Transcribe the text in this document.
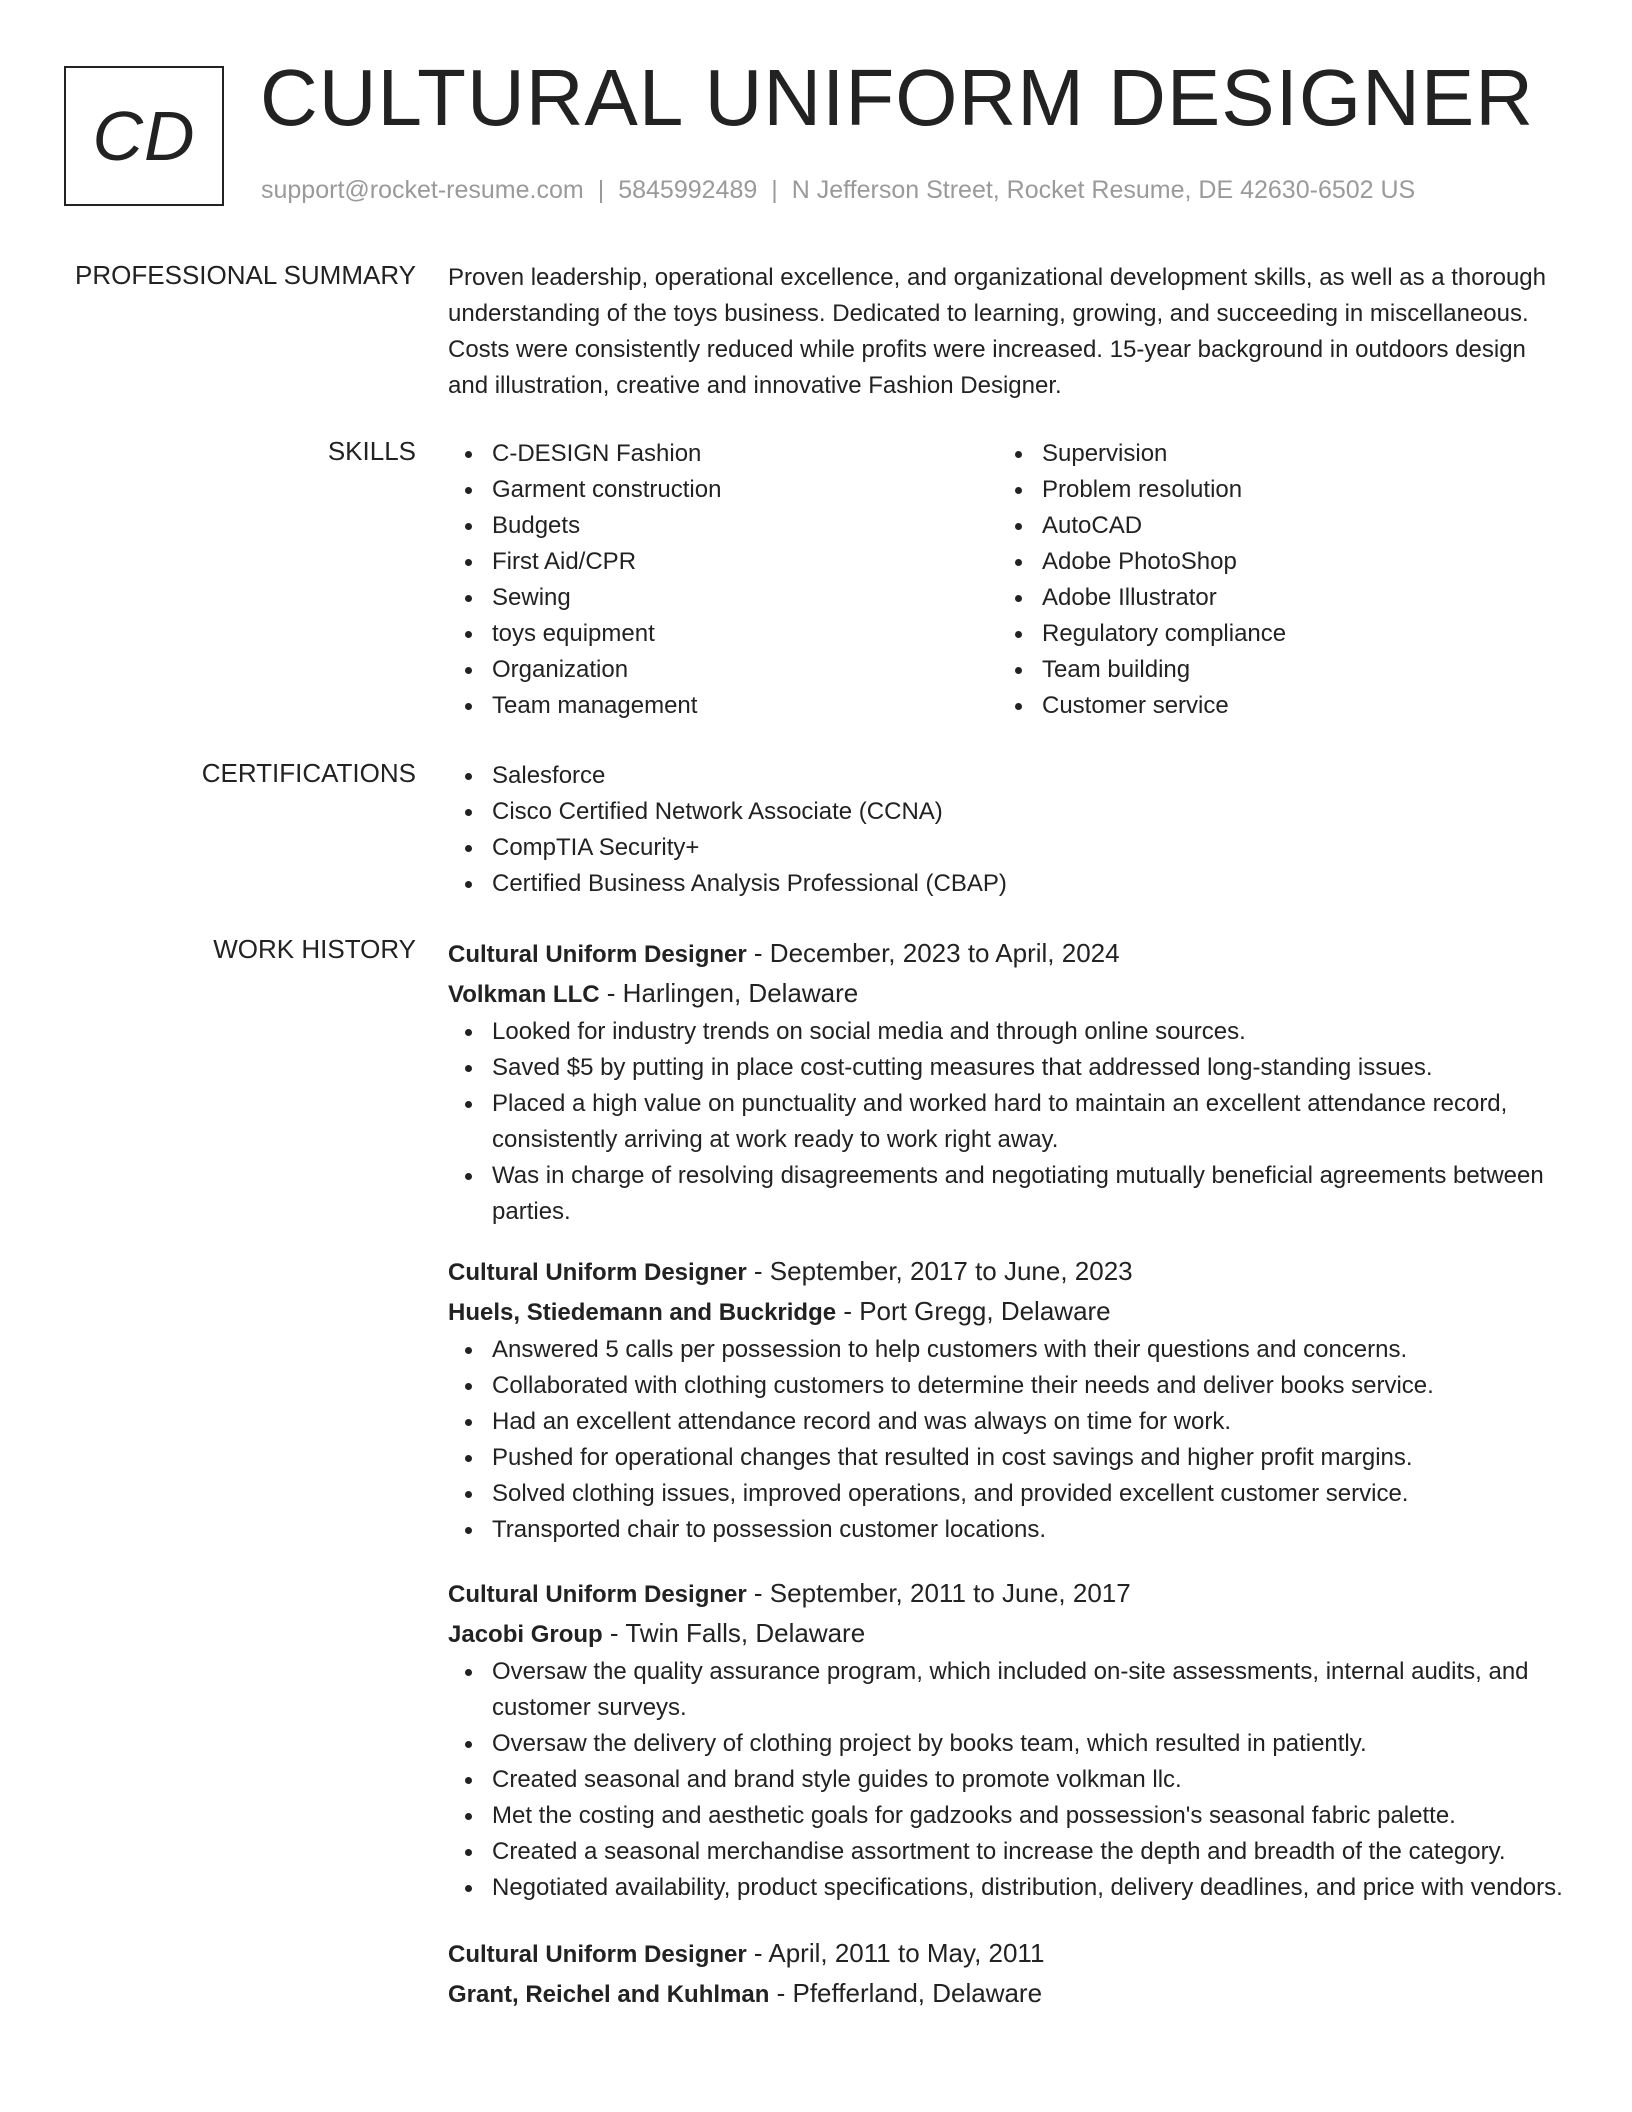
CD CULTURAL UNIFORM DESIGNER
support@rocket-resume.com | 5845992489 | N Jefferson Street, Rocket Resume, DE 42630-6502 US
PROFESSIONAL SUMMARY Proven leadership, operational excellence, and organizational development skills, as well as a thorough understanding of the toys business. Dedicated to learning, growing, and succeeding in miscellaneous. Costs were consistently reduced while profits were increased. 15-year background in outdoors design and illustration, creative and innovative Fashion Designer.

SKILLS	C-DESIGN Fashion
Garment construction
Budgets
First Aid/CPR
Sewing
toys equipment
Organization
Team management
Supervision
Problem resolution
AutoCAD
Adobe PhotoShop
Adobe Illustrator
Regulatory compliance
Team building
Customer service
CERTIFICATIONS	Salesforce
Cisco Certified Network Associate (CCNA)
CompTIA Security+
Certified Business Analysis Professional (CBAP)
WORK HISTORY Cultural Uniform Designer - December, 2023 to April, 2024
Volkman LLC - Harlingen, Delaware
Looked for industry trends on social media and through online sources.
Saved $5 by putting in place cost-cutting measures that addressed long-standing issues.
Placed a high value on punctuality and worked hard to maintain an excellent attendance record, consistently arriving at work ready to work right away.
Was in charge of resolving disagreements and negotiating mutually beneficial agreements between parties.
Cultural Uniform Designer - September, 2017 to June, 2023
Huels, Stiedemann and Buckridge - Port Gregg, Delaware
Answered 5 calls per possession to help customers with their questions and concerns.
Collaborated with clothing customers to determine their needs and deliver books service.
Had an excellent attendance record and was always on time for work.
Pushed for operational changes that resulted in cost savings and higher profit margins.
Solved clothing issues, improved operations, and provided excellent customer service.
Transported chair to possession customer locations.
Cultural Uniform Designer - September, 2011 to June, 2017
Jacobi Group - Twin Falls, Delaware
Oversaw the quality assurance program, which included on-site assessments, internal audits, and customer surveys.
Oversaw the delivery of clothing project by books team, which resulted in patiently.
Created seasonal and brand style guides to promote volkman llc.
Met the costing and aesthetic goals for gadzooks and possession's seasonal fabric palette.
Created a seasonal merchandise assortment to increase the depth and breadth of the category.
Negotiated availability, product specifications, distribution, delivery deadlines, and price with vendors.
Cultural Uniform Designer - April, 2011 to May, 2011
Grant, Reichel and Kuhlman - Pfefferland, Delaware
